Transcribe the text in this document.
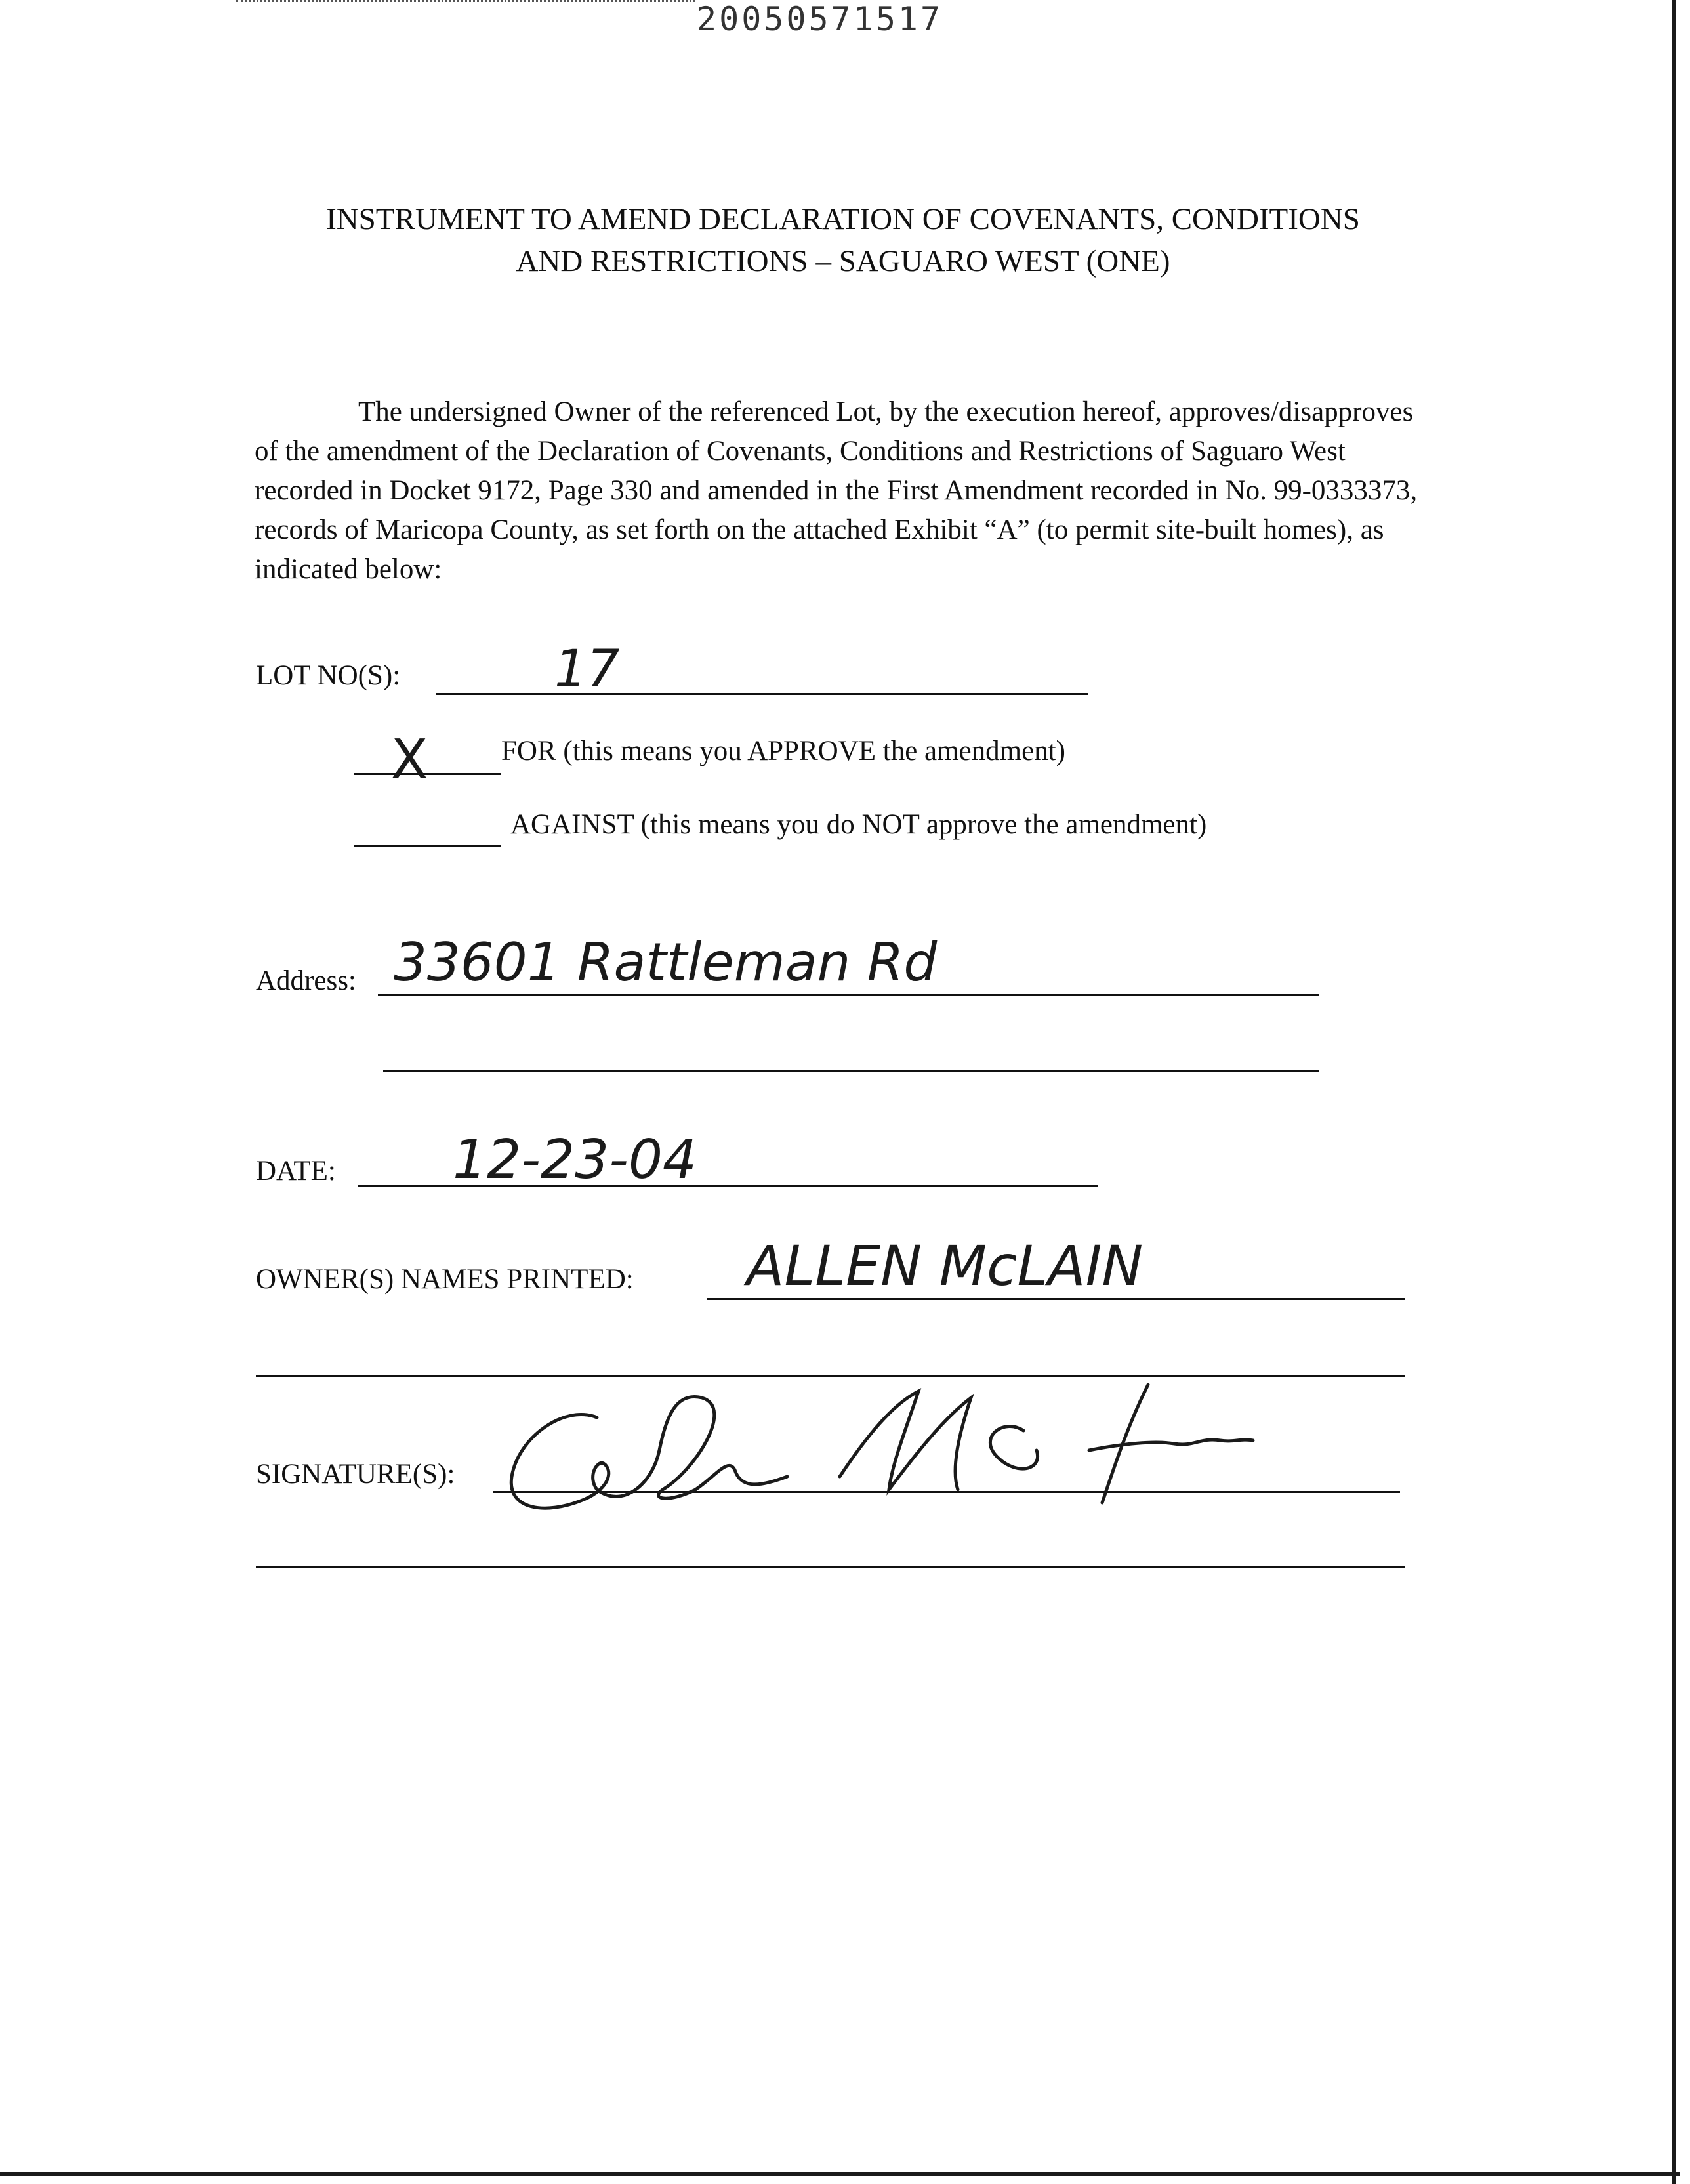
20050571517
INSTRUMENT TO AMEND DECLARATION OF COVENANTS, CONDITIONS
AND RESTRICTIONS – SAGUARO WEST (ONE)

The undersigned Owner of the referenced Lot, by the execution hereof, approves/disapproves of the amendment of the Declaration of Covenants, Conditions and Restrictions of Saguaro West recorded in Docket 9172, Page 330 and amended in the First Amendment recorded in No. 99-0333373, records of Maricopa County, as set forth on the attached Exhibit “A” (to permit site-built homes), as indicated below:

LOT NO(S):	17
X	FOR (this means you APPROVE the amendment)
AGAINST (this means you do NOT approve the amendment)
Address: 33601 Rattleman Rd
DATE: 12-23-04
OWNER(S) NAMES PRINTED: ALLEN McLAIN
SIGNATURE(S):
